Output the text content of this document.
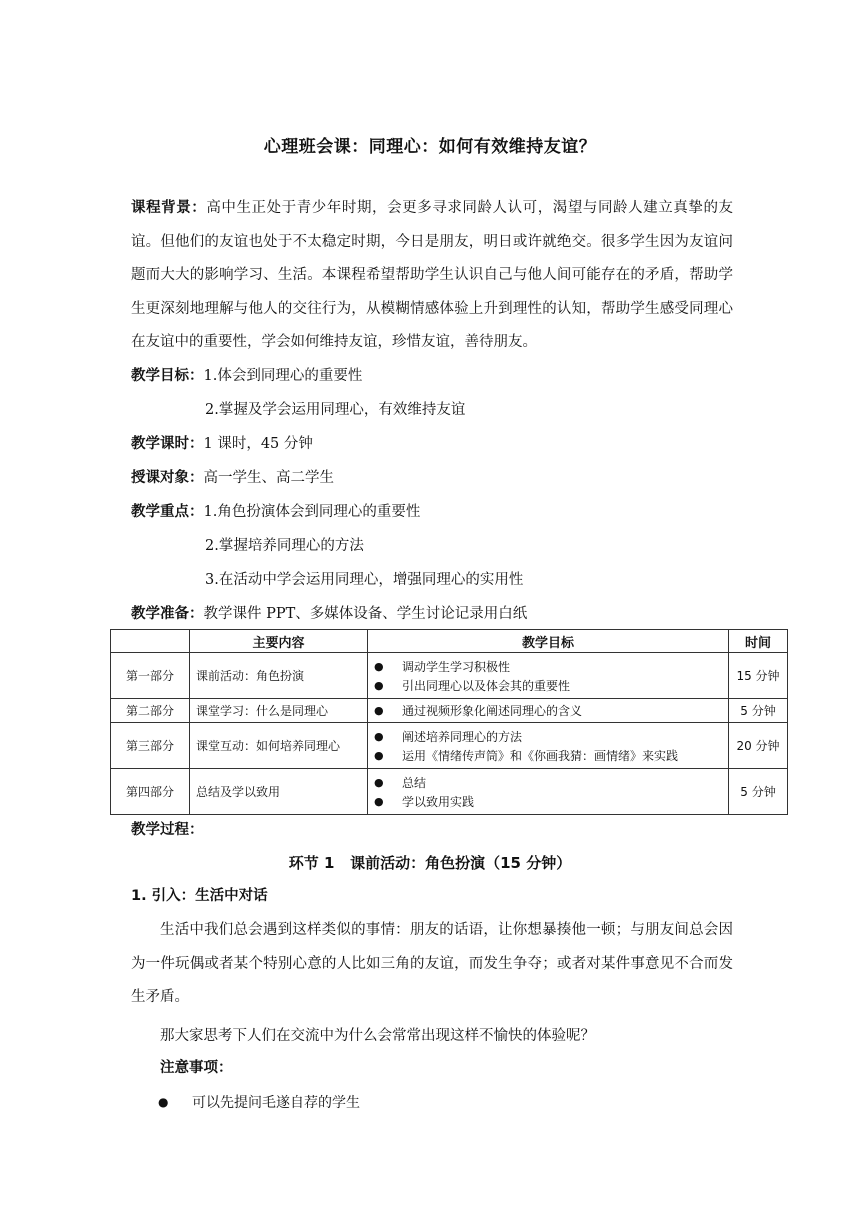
心理班会课：同理心：如何有效维持友谊？
课程背景：高中生正处于青少年时期，会更多寻求同龄人认可，渴望与同龄人建立真挚的友谊。但他们的友谊也处于不太稳定时期，今日是朋友，明日或许就绝交。很多学生因为友谊问题而大大的影响学习、生活。本课程希望帮助学生认识自己与他人间可能存在的矛盾，帮助学生更深刻地理解与他人的交往行为，从模糊情感体验上升到理性的认知，帮助学生感受同理心在友谊中的重要性，学会如何维持友谊，珍惜友谊，善待朋友。
教学目标：1.体会到同理心的重要性
2.掌握及学会运用同理心，有效维持友谊
教学课时：1 课时，45 分钟
授课对象：高一学生、高二学生
教学重点：1.角色扮演体会到同理心的重要性
2.掌握培养同理心的方法
3.在活动中学会运用同理心，增强同理心的实用性
教学准备：教学课件 PPT、多媒体设备、学生讨论记录用白纸
	主要内容	教学目标	时间
第一部分	课前活动：角色扮演	● 调动学生学习积极性
● 引出同理心以及体会其的重要性	15 分钟
第二部分	课堂学习：什么是同理心	● 通过视频形象化阐述同理心的含义	5 分钟
第三部分	课堂互动：如何培养同理心	● 阐述培养同理心的方法
● 运用《情绪传声筒》和《你画我猜：画情绪》来实践	20 分钟
第四部分	总结及学以致用	● 总结
● 学以致用实践	5 分钟
教学过程：
环节 1   课前活动：角色扮演（15 分钟）
1. 引入：生活中对话
生活中我们总会遇到这样类似的事情：朋友的话语，让你想暴揍他一顿；与朋友间总会因为一件玩偶或者某个特别心意的人比如三角的友谊，而发生争夺；或者对某件事意见不合而发生矛盾。
那大家思考下人们在交流中为什么会常常出现这样不愉快的体验呢？
注意事项：
●	可以先提问毛遂自荐的学生
